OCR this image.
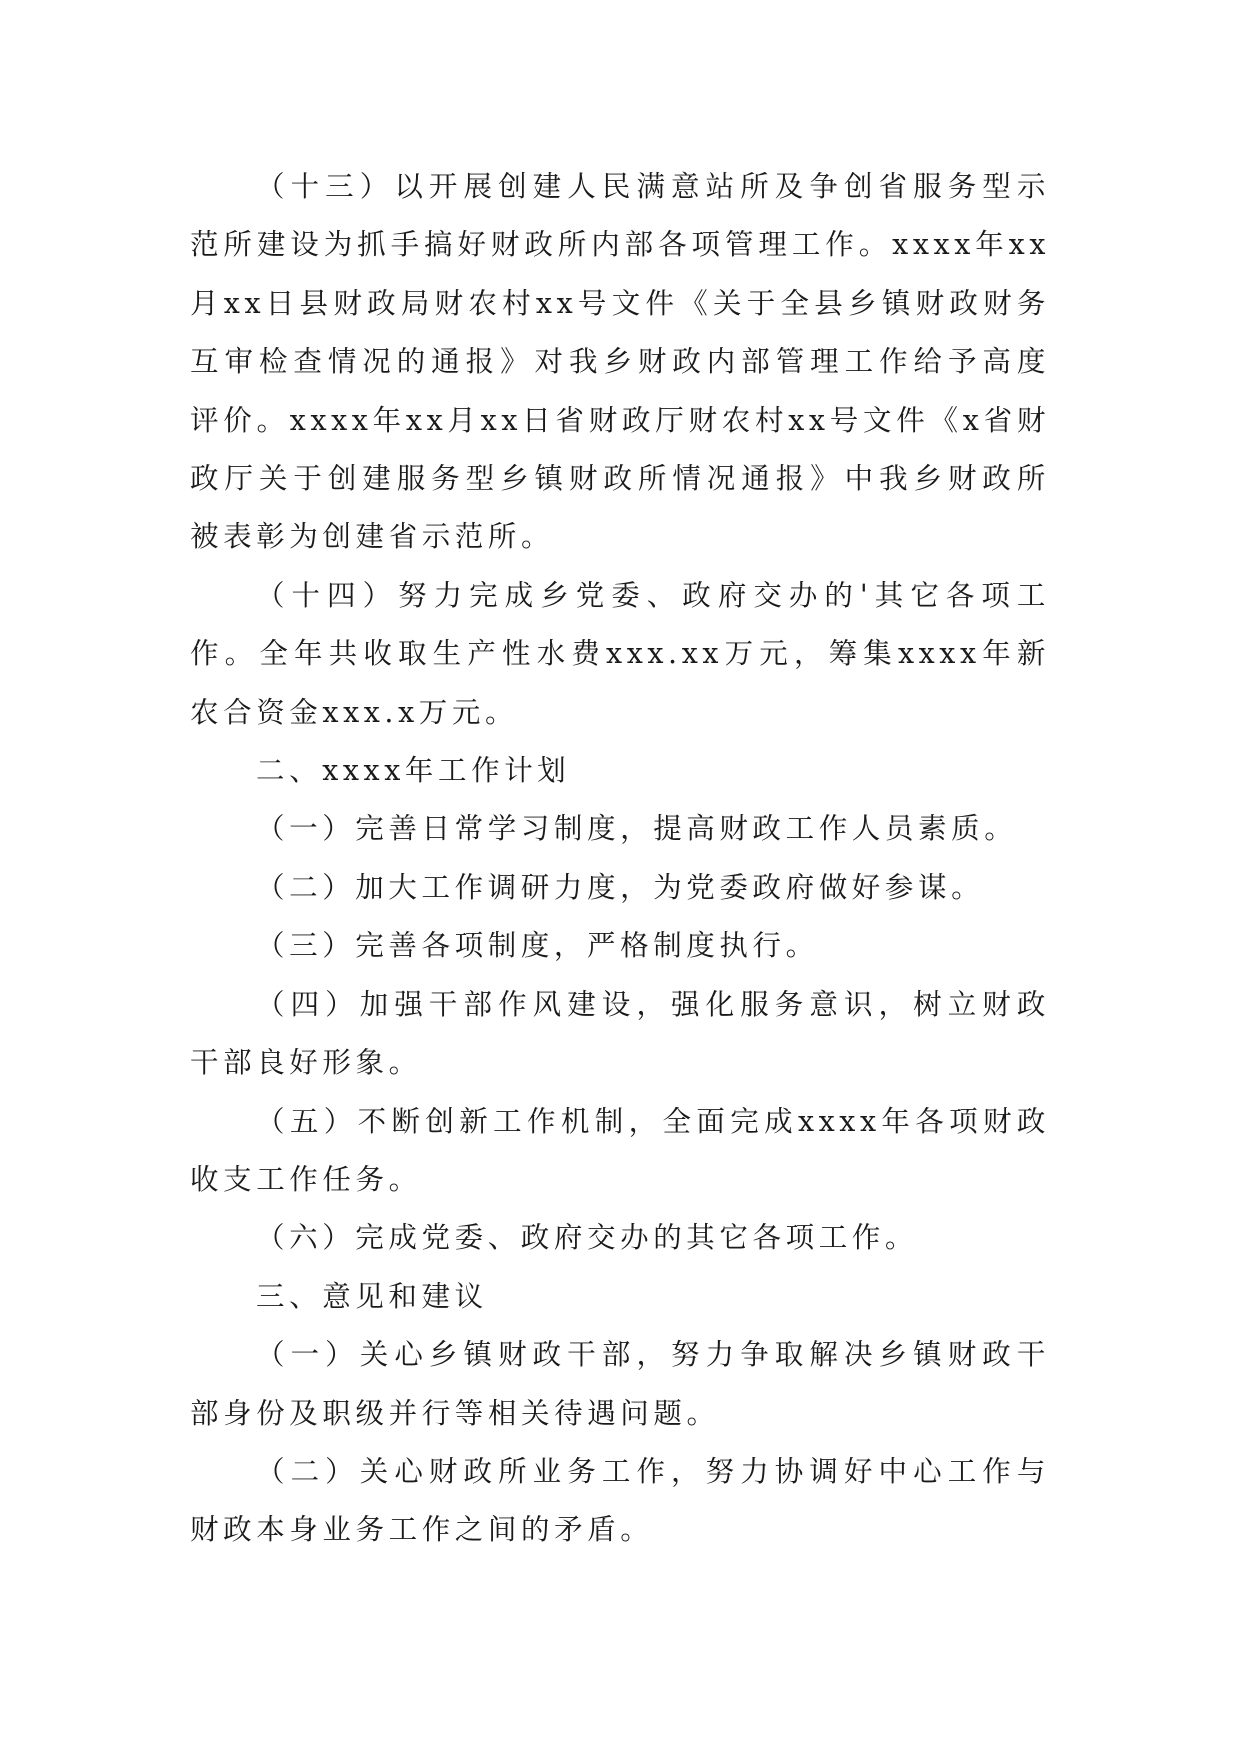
（十三）以开展创建人民满意站所及争创省服务型示范所建设为抓手搞好财政所内部各项管理工作。xxxx年xx月xx日县财政局财农村xx号文件《关于全县乡镇财政财务互审检查情况的通报》对我乡财政内部管理工作给予高度评价。xxxx年xx月xx日省财政厅财农村xx号文件《x省财政厅关于创建服务型乡镇财政所情况通报》中我乡财政所被表彰为创建省示范所。

（十四）努力完成乡党委、政府交办的'其它各项工作。全年共收取生产性水费xxx.xx万元，筹集xxxx年新农合资金xxx.x万元。

二、xxxx年工作计划

（一）完善日常学习制度，提高财政工作人员素质。

（二）加大工作调研力度，为党委政府做好参谋。

（三）完善各项制度，严格制度执行。

（四）加强干部作风建设，强化服务意识，树立财政干部良好形象。

（五）不断创新工作机制，全面完成xxxx年各项财政收支工作任务。

（六）完成党委、政府交办的其它各项工作。

三、意见和建议

（一）关心乡镇财政干部，努力争取解决乡镇财政干部身份及职级并行等相关待遇问题。

（二）关心财政所业务工作，努力协调好中心工作与财政本身业务工作之间的矛盾。
